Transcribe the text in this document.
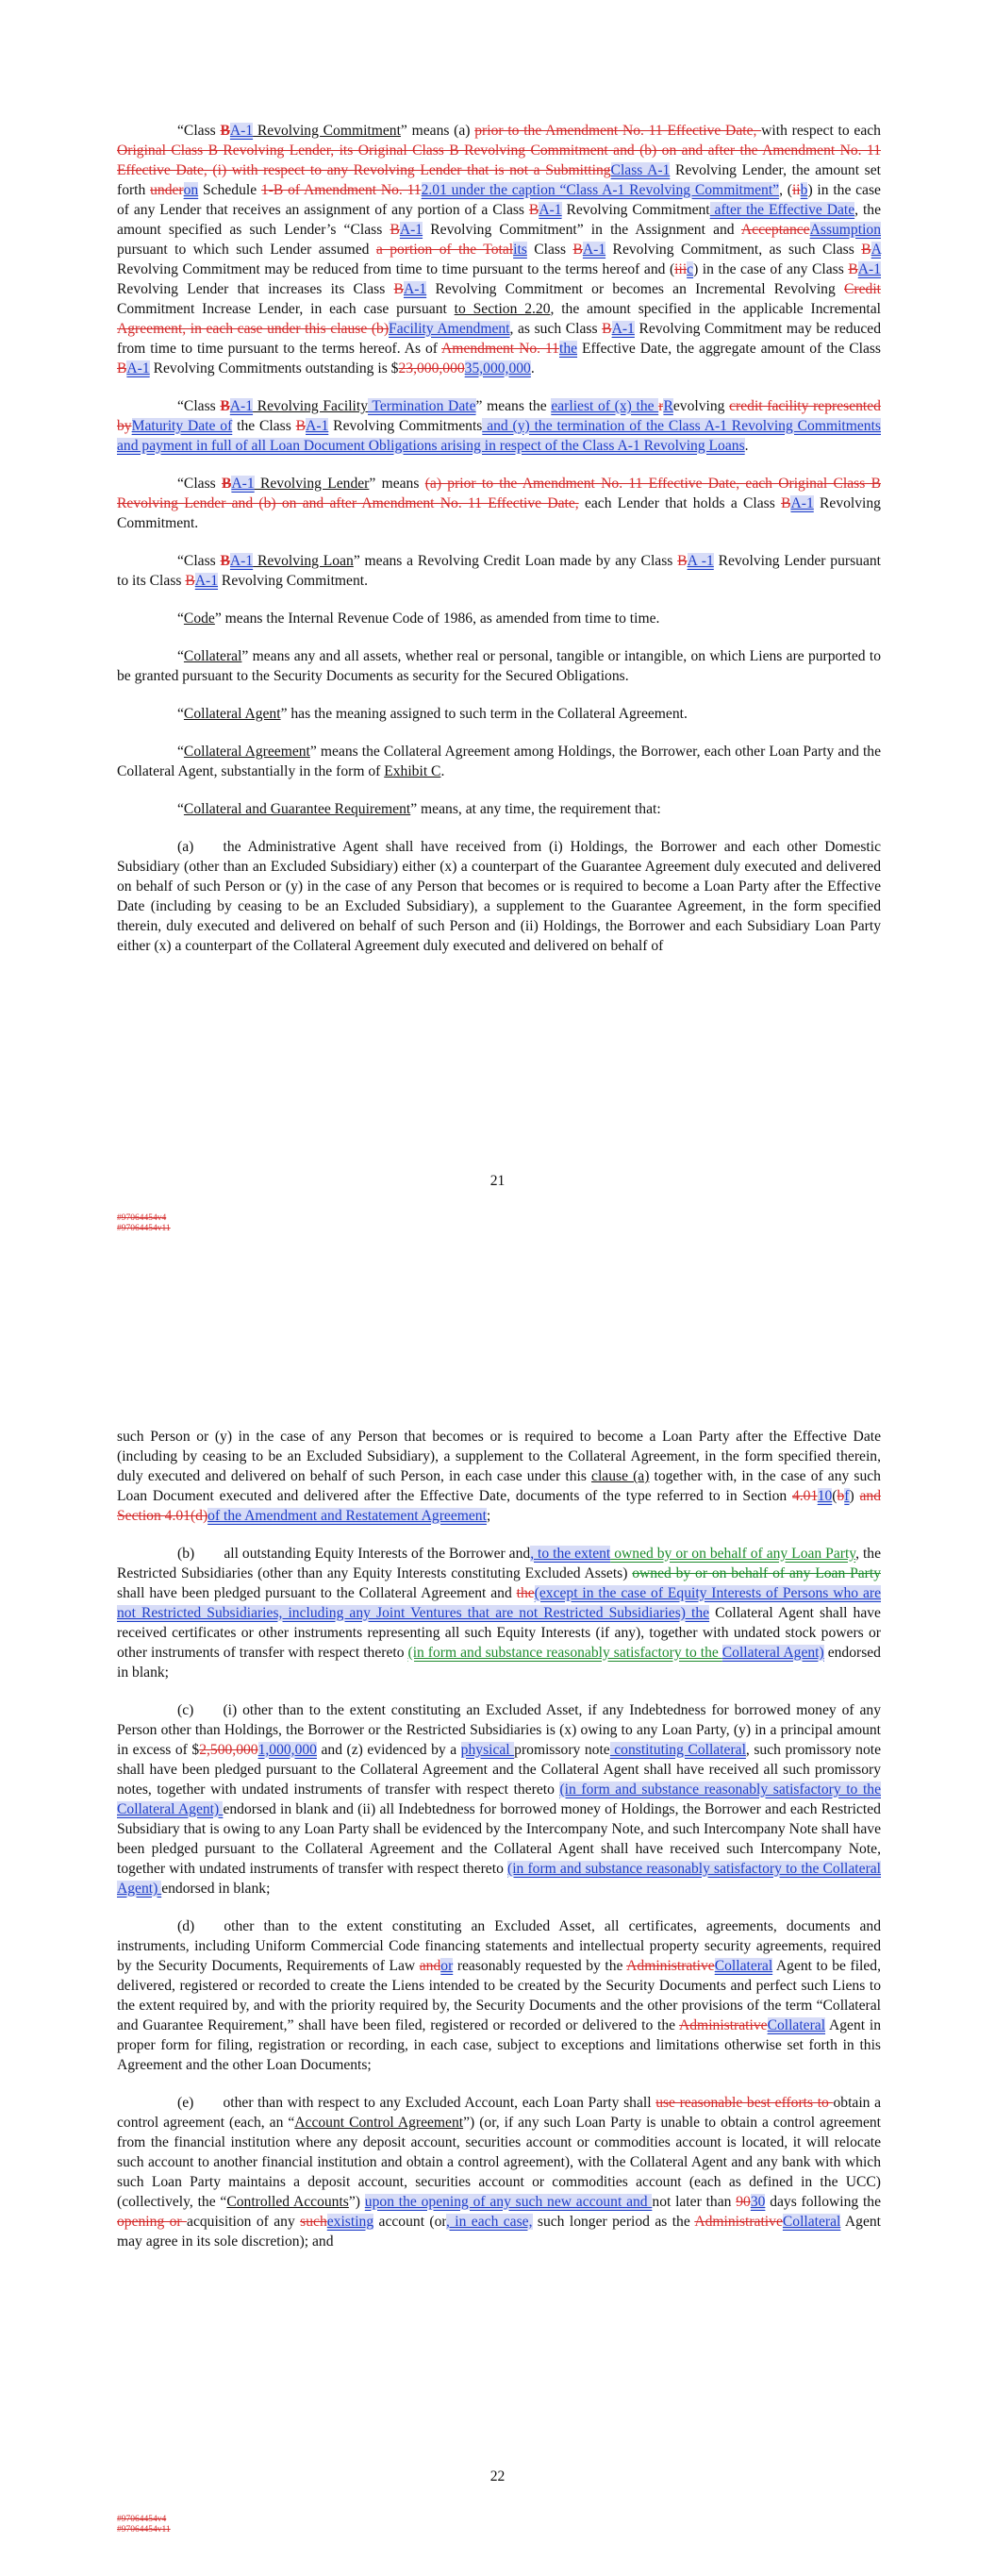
“Class BA-1 Revolving Commitment” means (a) prior to the Amendment No. 11 Effective Date, with respect to each Original Class B Revolving Lender, its Original Class B Revolving Commitment and (b) on and after the Amendment No. 11 Effective Date, (i) with respect to any Revolving Lender that is not a SubmittingClass A-1 Revolving Lender, the amount set forth underon Schedule 1-B of Amendment No. 112.01 under the caption “Class A-1 Revolving Commitment”, (iib) in the case of any Lender that receives an assignment of any portion of a Class BA-1 Revolving Commitment after the Effective Date, the amount specified as such Lender’s “Class BA-1 Revolving Commitment” in the Assignment and AcceptanceAssumption pursuant to which such Lender assumed a portion of the Totalits Class BA-1 Revolving Commitment, as such Class BA Revolving Commitment may be reduced from time to time pursuant to the terms hereof and (iiic) in the case of any Class BA-1 Revolving Lender that increases its Class BA-1 Revolving Commitment or becomes an Incremental Revolving Credit Commitment Increase Lender, in each case pursuant to Section 2.20, the amount specified in the applicable Incremental Agreement, in each case under this clause (b)Facility Amendment, as such Class BA-1 Revolving Commitment may be reduced from time to time pursuant to the terms hereof. As of Amendment No. 11the Effective Date, the aggregate amount of the Class BA-1 Revolving Commitments outstanding is $23,000,00035,000,000.

“Class BA-1 Revolving Facility Termination Date” means the earliest of (x) the rRevolving credit facility represented byMaturity Date of the Class BA-1 Revolving Commitments and (y) the termination of the Class A-1 Revolving Commitments and payment in full of all Loan Document Obligations arising in respect of the Class A-1 Revolving Loans.

“Class BA-1 Revolving Lender” means (a) prior to the Amendment No. 11 Effective Date, each Original Class B Revolving Lender and (b) on and after Amendment No. 11 Effective Date, each Lender that holds a Class BA-1 Revolving Commitment.

“Class BA-1 Revolving Loan” means a Revolving Credit Loan made by any Class BA -1 Revolving Lender pursuant to its Class BA-1 Revolving Commitment.

“Code” means the Internal Revenue Code of 1986, as amended from time to time.

“Collateral” means any and all assets, whether real or personal, tangible or intangible, on which Liens are purported to be granted pursuant to the Security Documents as security for the Secured Obligations.

“Collateral Agent” has the meaning assigned to such term in the Collateral Agreement.

“Collateral Agreement” means the Collateral Agreement among Holdings, the Borrower, each other Loan Party and the Collateral Agent, substantially in the form of Exhibit C.

“Collateral and Guarantee Requirement” means, at any time, the requirement that:

(a)  the Administrative Agent shall have received from (i) Holdings, the Borrower and each other Domestic Subsidiary (other than an Excluded Subsidiary) either (x) a counterpart of the Guarantee Agreement duly executed and delivered on behalf of such Person or (y) in the case of any Person that becomes or is required to become a Loan Party after the Effective Date (including by ceasing to be an Excluded Subsidiary), a supplement to the Guarantee Agreement, in the form specified therein, duly executed and delivered on behalf of such Person and (ii) Holdings, the Borrower and each Subsidiary Loan Party either (x) a counterpart of the Collateral Agreement duly executed and delivered on behalf of

21
#97064454v4
#97064454v11

such Person or (y) in the case of any Person that becomes or is required to become a Loan Party after the Effective Date (including by ceasing to be an Excluded Subsidiary), a supplement to the Collateral Agreement, in the form specified therein, duly executed and delivered on behalf of such Person, in each case under this clause (a) together with, in the case of any such Loan Document executed and delivered after the Effective Date, documents of the type referred to in Section 4.0110(bf) and Section 4.01(d)of the Amendment and Restatement Agreement;

(b)  all outstanding Equity Interests of the Borrower and, to the extent owned by or on behalf of any Loan Party, the Restricted Subsidiaries (other than any Equity Interests constituting Excluded Assets) owned by or on behalf of any Loan Party shall have been pledged pursuant to the Collateral Agreement and the(except in the case of Equity Interests of Persons who are not Restricted Subsidiaries, including any Joint Ventures that are not Restricted Subsidiaries) the Collateral Agent shall have received certificates or other instruments representing all such Equity Interests (if any), together with undated stock powers or other instruments of transfer with respect thereto (in form and substance reasonably satisfactory to the Collateral Agent) endorsed in blank;

(c)  (i) other than to the extent constituting an Excluded Asset, if any Indebtedness for borrowed money of any Person other than Holdings, the Borrower or the Restricted Subsidiaries is (x) owing to any Loan Party, (y) in a principal amount in excess of $2,500,0001,000,000 and (z) evidenced by a physical promissory note constituting Collateral, such promissory note shall have been pledged pursuant to the Collateral Agreement and the Collateral Agent shall have received all such promissory notes, together with undated instruments of transfer with respect thereto (in form and substance reasonably satisfactory to the Collateral Agent) endorsed in blank and (ii) all Indebtedness for borrowed money of Holdings, the Borrower and each Restricted Subsidiary that is owing to any Loan Party shall be evidenced by the Intercompany Note, and such Intercompany Note shall have been pledged pursuant to the Collateral Agreement and the Collateral Agent shall have received such Intercompany Note, together with undated instruments of transfer with respect thereto (in form and substance reasonably satisfactory to the Collateral Agent) endorsed in blank;

(d)  other than to the extent constituting an Excluded Asset, all certificates, agreements, documents and instruments, including Uniform Commercial Code financing statements and intellectual property security agreements, required by the Security Documents, Requirements of Law andor reasonably requested by the AdministrativeCollateral Agent to be filed, delivered, registered or recorded to create the Liens intended to be created by the Security Documents and perfect such Liens to the extent required by, and with the priority required by, the Security Documents and the other provisions of the term “Collateral and Guarantee Requirement,” shall have been filed, registered or recorded or delivered to the AdministrativeCollateral Agent in proper form for filing, registration or recording, in each case, subject to exceptions and limitations otherwise set forth in this Agreement and the other Loan Documents;

(e)  other than with respect to any Excluded Account, each Loan Party shall use reasonable best efforts to obtain a control agreement (each, an “Account Control Agreement”) (or, if any such Loan Party is unable to obtain a control agreement from the financial institution where any deposit account, securities account or commodities account is located, it will relocate such account to another financial institution and obtain a control agreement), with the Collateral Agent and any bank with which such Loan Party maintains a deposit account, securities account or commodities account (each as defined in the UCC) (collectively, the “Controlled Accounts”) upon the opening of any such new account and not later than 9030 days following the opening or acquisition of any suchexisting account (or, in each case, such longer period as the AdministrativeCollateral Agent may agree in its sole discretion); and

22
#97064454v4
#97064454v11
